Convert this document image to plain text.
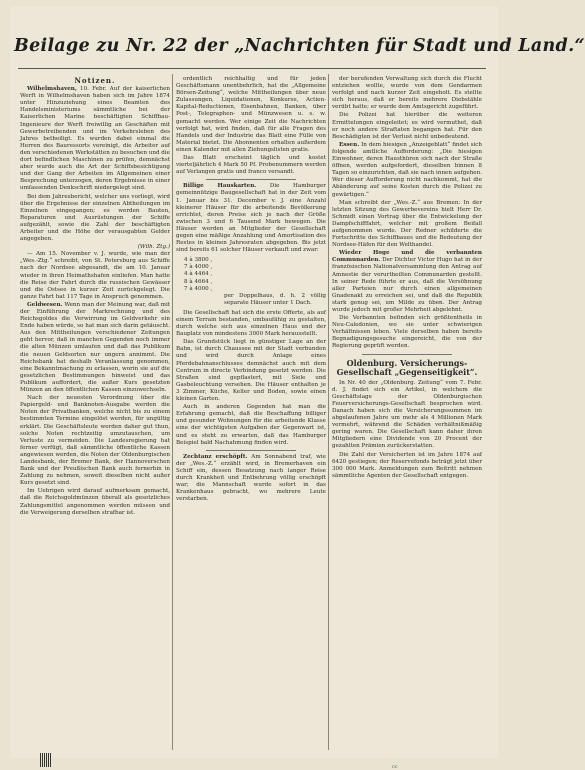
Beilage zu Nr. 22 der „Nachrichten für Stadt und Land.“
Notizen.

Wilhelmshaven, 10. Febr. Auf der kaiserlichen Werft in Wilhelmshaven haben sich im Jahre 1874 unter Hinzuziehung eines Beamten des Handelsministeriums sämmtliche bei der Kaiserlichen Marine beschäftigten Schiffbau-Ingenieure der Werft freiwillig an Geschäften mit Gewerbetreibenden und im Verkehrsleben des Jahres betheiligt. Es wurden dabei einmal die Herren des Bauressorts vereinigt, die Arbeiter auf den verschiedenen Werkstätten zu besuchen und die dort befindlichen Maschinen zu prüfen, demnächst aber wurde auch die Art der Schiffsbesichtigung und der Gang der Arbeiten im Allgemeinen einer Besprechung unterzogen, deren Ergebnisse in einer umfassenden Denkschrift niedergelegt sind.

Bei dem Jahresbericht, welcher uns vorliegt, wird über die Ergebnisse der einzelnen Abtheilungen im Einzelnen eingegangen; es werden Bauten, Reparaturen und Ausrüstungen der Schiffe aufgezählt, sowie die Zahl der beschäftigten Arbeiter und die Höhe der verausgabten Gelder angegeben.

(Wilh. Ztg.)

— Am 15. November v. J. wurde, wie man der „Wes.-Ztg.“ schreibt, von St. Petersburg aus Schiffe nach der Nordsee abgesandt, die am 10. Januar wieder in ihren Heimathshafen einliefen. Man hatte die Reise der Fahrt durch die russischen Gewässer und die Ostsee in kurzer Zeit zurückgelegt. Die ganze Fahrt hat 117 Tage in Anspruch genommen.

Geldwesen. Wenn man der Meinung war, daß mit der Einführung der Markrechnung und des Reichsgoldes die Verwirrung im Geldverkehr ein Ende haben würde, so hat man sich darin getäuscht. Aus den Mittheilungen verschiedener Zeitungen geht hervor, daß in manchen Gegenden noch immer die alten Münzen umlaufen und daß das Publikum die neuen Geldsorten nur ungern annimmt. Die Reichsbank hat deshalb Veranlassung genommen, eine Bekanntmachung zu erlassen, worin sie auf die gesetzlichen Bestimmungen hinweist und das Publikum auffordert, die außer Kurs gesetzten Münzen an den öffentlichen Kassen einzuwechseln.

Nach der neuesten Verordnung über die Papiergeld- und Banknoten-Ausgabe werden die Noten der Privatbanken, welche nicht bis zu einem bestimmten Termine eingelöst werden, für ungültig erklärt. Die Geschäftsleute werden daher gut thun, solche Noten rechtzeitig umzutauschen, um Verluste zu vermeiden. Die Landesregierung hat ferner verfügt, daß sämmtliche öffentliche Kassen angewiesen werden, die Noten der Oldenburgischen Landesbank, der Bremer Bank, der Hannoverschen Bank und der Preußischen Bank auch fernerhin in Zahlung zu nehmen, soweit dieselben nicht außer Kurs gesetzt sind.

Im Uebrigen wird darauf aufmerksam gemacht, daß die Reichsgoldmünzen überall als gesetzliches Zahlungsmittel angenommen werden müssen und die Verweigerung derselben strafbar ist.

ordentlich reichhaltig und für jeden Geschäftsmann unentbehrlich, hat die „Allgemeine Börsen-Zeitung“, welche Mittheilungen über neue Zulassungen, Liquidationen, Konkurse, Actien-Kapital-Reductionen, Eisenbahnen, Banken, über Post-, Telegraphen- und Münzwesen u. s. w. gemacht werden. Wer einige Zeit die Nachrichten verfolgt hat, wird finden, daß für alle Fragen des Handels und der Industrie das Blatt eine Fülle von Material bietet. Die Abonnenten erhalten außerdem einen Kalender mit allen Ziehungslisten gratis.

Das Blatt erscheint täglich und kostet vierteljährlich 4 Mark 50 Pf. Probenummern werden auf Verlangen gratis und franco versandt.

Billige Hauskarten. Die Hamburger gemeinnützige Baugesellschaft hat in der Zeit vom 1. Januar bis 31. December v. J. eine Anzahl kleinerer Häuser für die arbeitende Bevölkerung errichtet, deren Preise sich je nach der Größe zwischen 3 und 6 Tausend Mark bewegen. Die Häuser werden an Mitglieder der Gesellschaft gegen eine mäßige Anzahlung und Amortisation des Restes in kleinen Jahresraten abgegeben. Bis jetzt sind bereits 61 solcher Häuser verkauft und zwar:

4 à 3800 ,
7 à 4000 ,
4 à 4464 ,
8 à 4664 ,
7 à 4000 ,
per Doppelhaus, d. h. 2 völlig separate Häuser unter 1 Dach.

Die Gesellschaft hat sich die erste Offerte, als auf einem Terrain bestanden, umbaufähig zu gestalten, durch welche sich aus einzelnen Haus und der Bauplatz von mindestens 3000 Mark herausstellt.

Das Grundstück liegt in günstiger Lage an der Bahn, ist durch Chaussee mit der Stadt verbunden und wird durch Anlage eines Pferdebahnanschlusses demnächst auch mit dem Centrum in directe Verbindung gesetzt werden. Die Straßen sind gepflastert, mit Siele und Gasbeleuchtung versehen. Die Häuser enthalten je 3 Zimmer, Küche, Keller und Boden, sowie einen kleinen Garten.

Auch in anderen Gegenden hat man die Erfahrung gemacht, daß die Beschaffung billiger und gesunder Wohnungen für die arbeitende Klasse eine der wichtigsten Aufgaben der Gegenwart ist, und es steht zu erwarten, daß das Hamburger Beispiel bald Nachahmung finden wird.

Zechtanz erschöpft. Am Sonnabend traf, wie der „Wes.-Z.“ erzählt wird, in Bremerhaven ein Schiff ein, dessen Besatzung nach langer Reise durch Krankheit und Entbehrung völlig erschöpft war; die Mannschaft wurde sofort in das Krankenhaus gebracht, wo mehrere Leute verstarben.

der berufenden Verwaltung sich durch die Flucht entziehen wollte, wurde von dem Gendarmen verfolgt und nach kurzer Zeit eingeholt. Es stellte sich heraus, daß er bereits mehrere Diebstähle verübt hatte; er wurde dem Amtsgericht zugeführt.

Die Polizei hat hierüber die weiteren Ermittelungen eingeleitet; es wird vermuthet, daß er noch andere Straftaten begangen hat. Für den Beschädigten ist der Verlust nicht unbedeutend.

Essen. In dem hiesigen „Anzeigeblatt“ findet sich folgende amtliche Aufforderung: „Die hiesigen Einwohner, deren Hausthüren sich nach der Straße öffnen, werden aufgefordert, dieselben binnen 8 Tagen so einzurichten, daß sie nach innen aufgehen. Wer dieser Aufforderung nicht nachkommt, hat die Abänderung auf seine Kosten durch die Polizei zu gewärtigen.“

Man schreibt der „Wes.-Z.“ aus Bremen: In der letzten Sitzung des Gewerbevereins hielt Herr Dr. Schmidt einen Vortrag über die Entwickelung der Dampfschifffahrt, welcher mit großem Beifall aufgenommen wurde. Der Redner schilderte die Fortschritte des Schiffbaues und die Bedeutung der Nordsee-Häfen für den Welthandel.

Wieder Hoge und die verbannten Communarden. Der Dichter Victor Hugo hat in der französischen Nationalversammlung den Antrag auf Amnestie der verurtheilten Communarden gestellt. In seiner Rede führte er aus, daß die Versöhnung aller Parteien nur durch einen allgemeinen Gnadenakt zu erreichen sei, und daß die Republik stark genug sei, um Milde zu üben. Der Antrag wurde jedoch mit großer Mehrheit abgelehnt.

Die Verbannten befinden sich größtentheils in Neu-Caledonien, wo sie unter schwierigen Verhältnissen leben. Viele derselben haben bereits Begnadigungsgesuche eingereicht, die von der Regierung geprüft werden.

Oldenburg. Versicherungs-Gesellschaft „Gegenseitigkeit“.

In Nr. 40 der „Oldenburg. Zeitung“ vom 7. Febr. d. J. findet sich ein Artikel, in welchem die Geschäftslage der Oldenburgischen Feuerversicherungs-Gesellschaft besprochen wird. Danach haben sich die Versicherungssummen im abgelaufenen Jahre um mehr als 4 Millionen Mark vermehrt, während die Schäden verhältnißmäßig gering waren. Die Gesellschaft kann daher ihren Mitgliedern eine Dividende von 20 Procent der gezahlten Prämien zurückerstatten.

Die Zahl der Versicherten ist im Jahre 1874 auf 6420 gestiegen; der Reservefonds beträgt jetzt über 300 000 Mark. Anmeldungen zum Beitritt nehmen sämmtliche Agenten der Gesellschaft entgegen.

cc
